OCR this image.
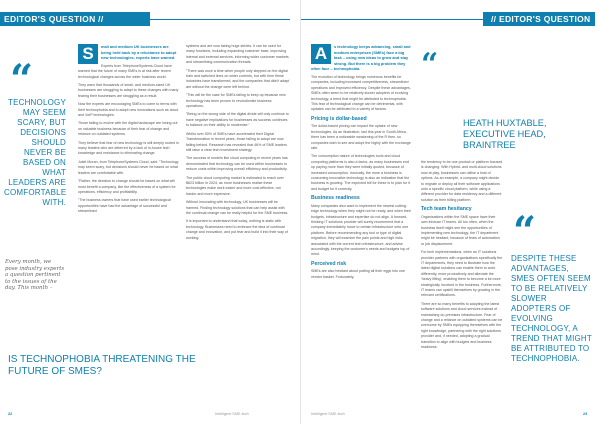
EDITOR'S QUESTION //
“
TECHNOLOGY MAY SEEM SCARY, BUT DECISIONS SHOULD NEVER BE BASED ON WHAT LEADERS ARE COMFORTABLE WITH.
Every month, we pose industry experts a question pertinent to the issues of the day. This month –
IS TECHNOPHOBIA THREATENING THE FUTURE OF SMES?
S	mall and medium UK businesses are being held back by a reluctance to adopt new technologies, experts have warned.

Experts from TelephoneSystems.Cloud have warned that the future of many SMEs is at risk after recent technological changes across the wider business world.

They warn that thousands of small- and medium-sized UK businesses are struggling to adapt to these changes with many fearing their businesses are struggling as a result.

Now the experts are encouraging SMEs to come to terms with their technophobia and to adopt new innovations such as cloud and VoIP technologies.

Those failing to evolve with the digital landscape are losing out on valuable business because of their fear of change and reliance on outdated systems.

They believe that fear of new technology is still deeply rooted in many leaders who are deterred by a lack of in-house tech knowledge and resistance to eliminating change.

Juliet Moran, from TelephoneSystems.Cloud, said: "Technology may seem scary, but decisions should never be based on what leaders are comfortable with.

"Rather, the decision to change should be based on what will most benefit a company, like the effectiveness of a system for operations, efficiency and profitability.

"The business owners that have used earlier technological opportunities have had the advantage of successful and streamlined

systems and are now taking huge strides. It can be used for many functions, including expanding customer base, improving internal and external services, informing wider customer markets and streamlining communication threads.

"There was once a time when people only stepped on the digital train and switched lines on wider currents, but with time these industries have transformed, and the companies that didn't adapt are without the change were left behind.

"This will be the case for SMEs failing to keep up because new technology has been proven to revolutionise business operations.

"Being on the wrong side of the digital divide will only continue to have negative implications for businesses as success continues to balance on their ability to modernise."

Whilst over 50% of SMEs have accelerated their Digital Transformation in recent years, those failing to adopt are now falling behind. Research has revealed that 46% of SME leaders still raise a clear tech investment strategy.

The success of models like cloud computing in recent years has demonstrated that technology can be used within businesses to reduce costs within improving overall efficiency and productivity.

The public cloud computing market is estimated to reach over $623 billion in 2024, as more businesses realise these technologies make work easier and more cost-effective, not harder and more expensive.

Without innovating with technology, UK businesses will be harmed. Finding technology solutions that can help assist with the continual change can be really helpful for the SME business.

It is important to understand that today, nothing is static with technology. Businesses need to embrace the idea of continual change and innovation, and put fear and build it into their way of working.

22	Intelligent SME.tech
// EDITOR'S QUESTION
A	s technology keeps advancing, small and medium enterprises (SMEs) face a big task – using new ideas to grow and stay strong. But there is a big problem they often face – technophobia.

The evolution of technology brings numerous benefits for companies, including increased competitiveness, streamlined operations and improved efficiency. Despite these advantages, SMEs often seem to be relatively slower adopters of evolving technology, a trend that might be attributed to technophobia. This fear of technological change can be detrimental, with updates can be attributed to a variety of factors.

Pricing is dollar-based

The dollar-based pricing can impact the uptake of new technologies. As an illustration, last this year in South Africa, there has been a noticeable weakening of the R then, so companies wish to see and adopt the highly with the exchange rate.

The consumption nature of technologies tools and cloud computing platforms is also a factor, as many businesses end up paying more than they were initially quoted, because of increased consumption. Ironically, the more a business is consuming innovative technology is also an indication that the business is growing. The expected bill for these is to plan for it and budget for it correctly.

Business readiness

Many companies also want to implement the newest cutting-edge technology when they might not be ready, and when their budgets, infrastructure and expertise do not align. A forward-thinking IT solutions provider will surely recommend that a company immediately move to certain infrastructure onto one platform. Before recommending any tool or type of digital migration, they will examine the pain points and high risks associated with the current tech infrastructure, and advise accordingly, keeping the customer's needs and budgets top of mind.

Perceived risk

SMEs are also hesitant about putting all their eggs into one vendor basket. Fortunately,

“
HEATH HUXTABLE, EXECUTIVE HEAD, BRAINTREE

the tendency to be one product or platform focused is changing. With Hybrid- and multi-cloud solutions now at play, businesses can utilise a host of options. As an example, a company might decide to migrate or deploy all their software applications onto a specific cloud platform, while using a different provider for data residency and a different solution as their billing platform.

Tech team hesitancy

Organisations within the SME space have their own inhouse IT teams. All too often, when the business itself might see the opportunities of implementing new technology, the IT department might be hesitant, because of fears of automation or job displacement.

For tech implementations, when an IT solutions provider partners with organisations specifically the IT departments, they need to illustrate how the latest digital solutions can enable them to work differently, more productively and alleviate the 'heavy lifting', enabling them to become a lot more strategically involved in the business. Furthermore, IT teams can upskill themselves by growing in the relevant certifications.

There are so many benefits to adopting the latest software solutions and cloud services instead of maintaining on-premises infrastructure. Fear of change and a reliance on outdated systems can be overcome by SMEs equipping themselves with the right knowledge, partnering with the right solutions provider and, if needed, adopting a gradual transition to align with budgets and business readiness.

“
DESPITE THESE ADVANTAGES, SMES OFTEN SEEM TO BE RELATIVELY SLOWER ADOPTERS OF EVOLVING TECHNOLOGY, A TREND THAT MIGHT BE ATTRIBUTED TO TECHNOPHOBIA.
Intelligent SME.tech	23
